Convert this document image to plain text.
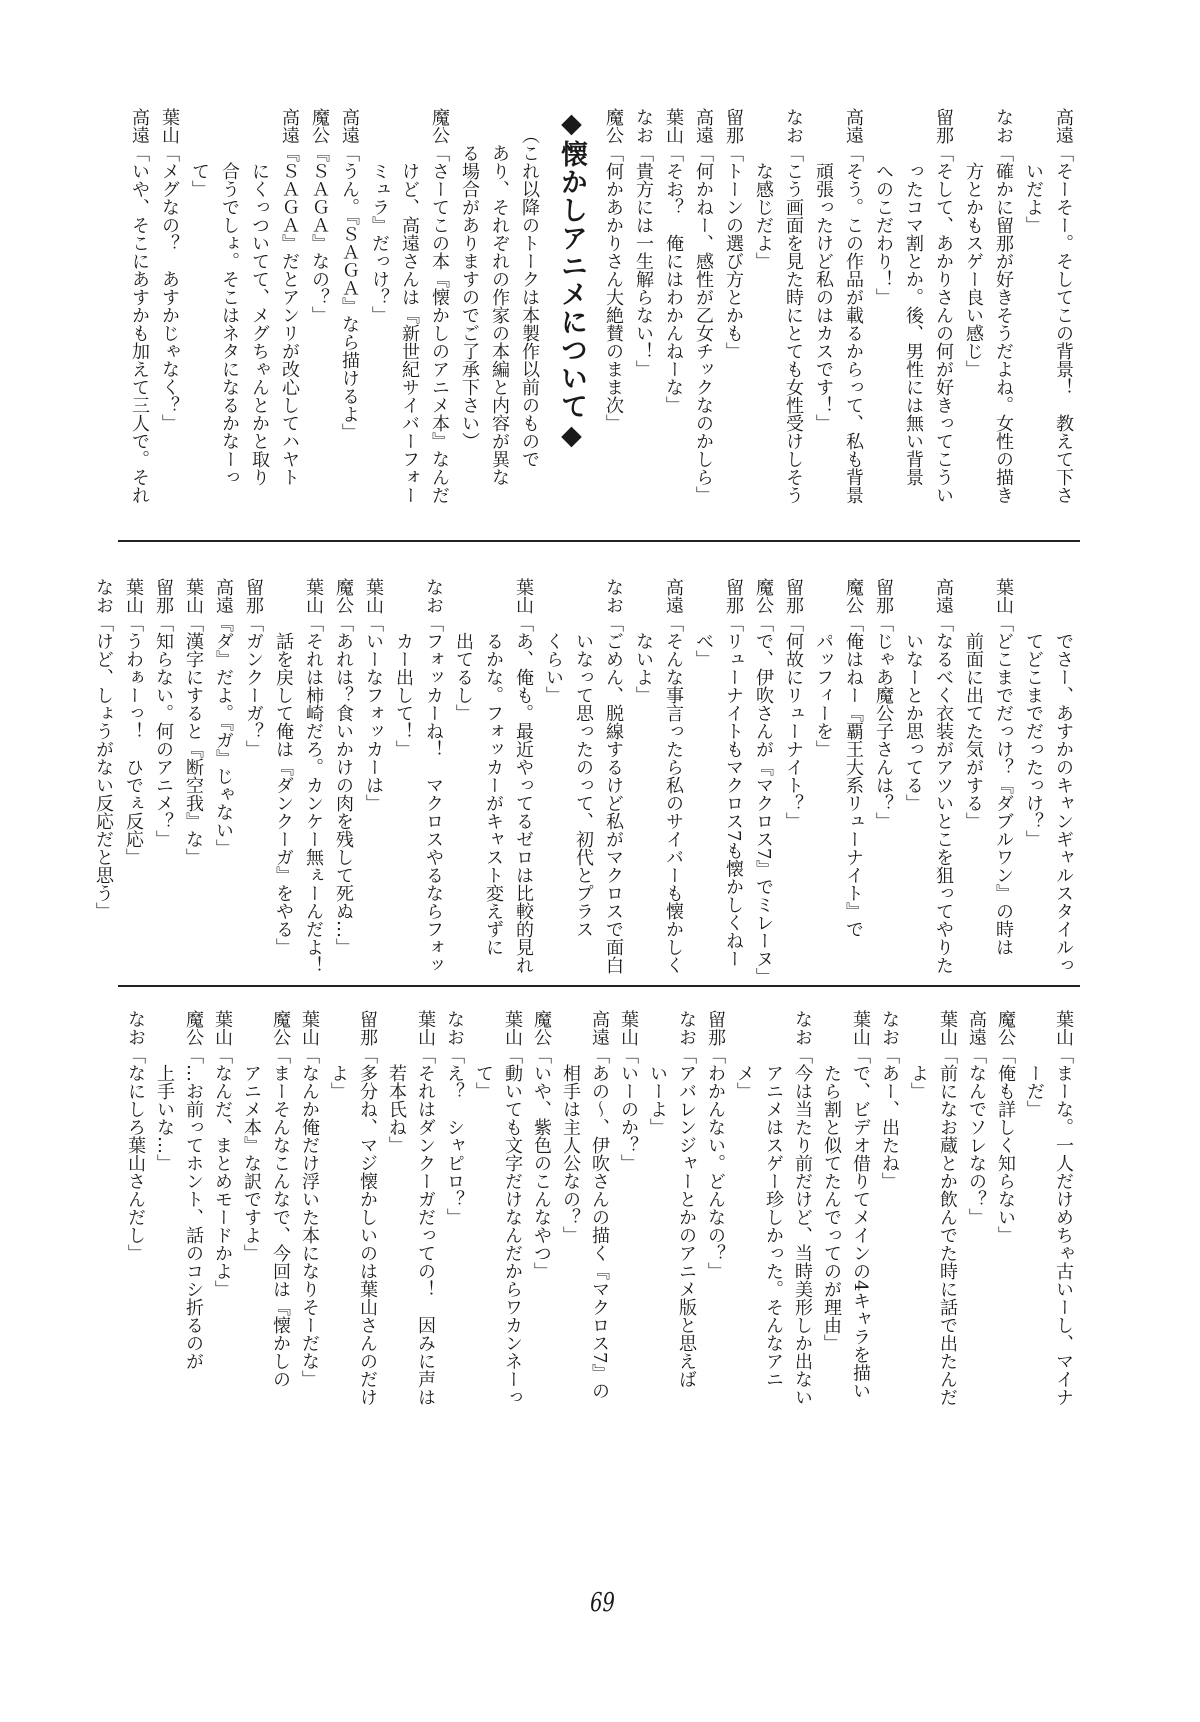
高遠「そーそー。そしてこの背景！　教えて下さ
いだよ」
なお「確かに留那が好きそうだよね。女性の描き
方とかもスゲー良い感じ」
留那「そして、あかりさんの何が好きってこうい
ったコマ割とか。後、男性には無い背景
へのこだわり！」
高遠「そう。この作品が載るからって、私も背景
頑張ったけど私のはカスです！」
なお「こう画面を見た時にとても女性受けしそう
な感じだよ」
留那「トーンの選び方とかも」
高遠「何かねー、感性が乙女チックなのかしら」
葉山「そお？　俺にはわかんねーな」
なお「貴方には一生解らない！」
魔公「何かあかりさん大絶賛のまま次」
◆懐かしアニメについて◆
（これ以降のトークは本製作以前のもので
あり、それぞれの作家の本編と内容が異な
る場合がありますのでご了承下さい）
魔公「さーてこの本『懐かしのアニメ本』なんだ
けど、高遠さんは『新世紀サイバーフォー
ミュラ』だっけ？」
高遠「うん。『ＳＡＧＡ』なら描けるよ」
魔公『ＳＡＧＡ』なの？」
高遠『ＳＡＧＡ』だとアンリが改心してハヤト
にくっついてて、メグちゃんとかと取り
合うでしょ。そこはネタになるかなーっ
て」
葉山「メグなの？　あすかじゃなく？」
高遠「いや、そこにあすかも加えて三人で。それ
でさー、あすかのキャンギャルスタイルっ
てどこまでだったっけ？」
葉山「どこまでだっけ？『ダブルワン』の時は
前面に出てた気がする」
高遠「なるべく衣装がアツいとこを狙ってやりた
いなーとか思ってる」
留那「じゃあ魔公子さんは？」
魔公「俺はねー『覇王大系リューナイト』で
パッフィーを」
留那「何故にリューナイト？」
魔公「で、伊吹さんが『マクロス7』でミレーヌ」
留那「リューナイトもマクロス7も懐かしくねー
べ」
高遠「そんな事言ったら私のサイバーも懐かしく
ないよ」
なお「ごめん、脱線するけど私がマクロスで面白
いなって思ったのって、初代とプラス
くらい」
葉山「あ、俺も。最近やってるゼロは比較的見れ
るかな。フォッカーがキャスト変えずに
出てるし」
なお「フォッカーね！　マクロスやるならフォッ
カー出して！」
葉山「いーなフォッカーは」
魔公「あれは？食いかけの肉を残して死ぬ…」
葉山「それは柿崎だろ。カンケー無ぇーんだよ！
話を戻して俺は『ダンクーガ』をやる」
留那「ガンクーガ？」
高遠『ダ』だよ。『ガ』じゃない」
葉山「漢字にすると『断空我』な」
留那「知らない。何のアニメ？」
葉山「うわぁーっ！　ひでぇ反応」
なお「けど、しょうがない反応だと思う」
葉山「まーな。一人だけめちゃ古いーし、マイナ
ーだ」
魔公「俺も詳しく知らない」
高遠「なんでソレなの？」
葉山「前になお蔵とか飲んでた時に話で出たんだ
よ」
なお「あー、出たね」
葉山「で、ビデオ借りてメインの4キャラを描い
たら割と似てたんでってのが理由」
なお「今は当たり前だけど、当時美形しか出ない
アニメはスゲー珍しかった。そんなアニ
メ」
留那「わかんない。どんなの？」
なお「アバレンジャーとかのアニメ版と思えば
いーよ」
葉山「いーのか？」
高遠「あの～、伊吹さんの描く『マクロス7』の
相手は主人公なの？」
魔公「いや、紫色のこんなやつ」
葉山「動いても文字だけなんだからワカンネーっ
て」
なお「え？　シャピロ？」
葉山「それはダンクーガだっての！　因みに声は
若本氏ね」
留那「多分ね、マジ懐かしいのは葉山さんのだけ
よ」
葉山「なんか俺だけ浮いた本になりそーだな」
魔公「まーそんなこんなで、今回は『懐かしの
アニメ本』な訳ですよ」
葉山「なんだ、まとめモードかよ」
魔公「…お前ってホント、話のコシ折るのが
上手いな…」
なお「なにしろ葉山さんだし」
69
